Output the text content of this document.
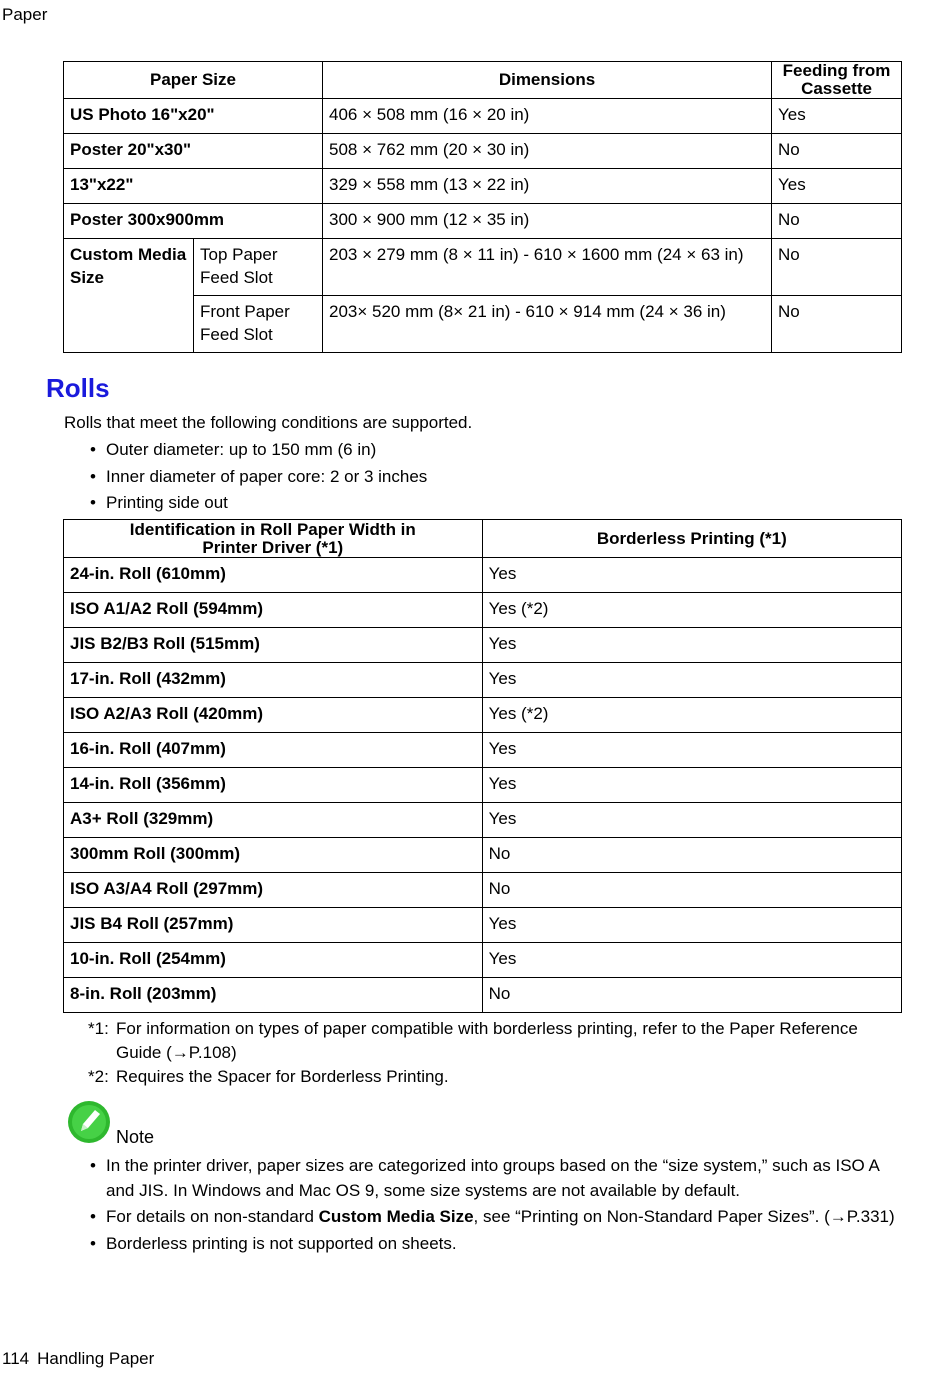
Paper
Paper Size		Dimensions	Feeding from Cassette
US Photo 16"x20"		406 × 508 mm (16 × 20 in)	Yes
Poster 20"x30"		508 × 762 mm (20 × 30 in)	No
13"x22"		329 × 558 mm (13 × 22 in)	Yes
Poster 300x900mm		300 × 900 mm (12 × 35 in)	No
Custom Media Size	Top Paper Feed Slot	203 × 279 mm (8 × 11 in) - 610 × 1600 mm (24 × 63 in)	No
	Front Paper Feed Slot	203× 520 mm (8× 21 in) - 610 × 914 mm (24 × 36 in)	No
Rolls
Rolls that meet the following conditions are supported.
• Outer diameter: up to 150 mm (6 in)
• Inner diameter of paper core: 2 or 3 inches
• Printing side out
Identification in Roll Paper Width in Printer Driver (*1)	Borderless Printing (*1)
24-in. Roll (610mm)	Yes
ISO A1/A2 Roll (594mm)	Yes (*2)
JIS B2/B3 Roll (515mm)	Yes
17-in. Roll (432mm)	Yes
ISO A2/A3 Roll (420mm)	Yes (*2)
16-in. Roll (407mm)	Yes
14-in. Roll (356mm)	Yes
A3+ Roll (329mm)	Yes
300mm Roll (300mm)	No
ISO A3/A4 Roll (297mm)	No
JIS B4 Roll (257mm)	Yes
10-in. Roll (254mm)	Yes
8-in. Roll (203mm)	No
*1: For information on types of paper compatible with borderless printing, refer to the Paper Reference Guide (→P.108)
*2: Requires the Spacer for Borderless Printing.
Note
• In the printer driver, paper sizes are categorized into groups based on the “size system,” such as ISO A and JIS. In Windows and Mac OS 9, some size systems are not available by default.
• For details on non-standard Custom Media Size, see “Printing on Non-Standard Paper Sizes”. (→P.331)
• Borderless printing is not supported on sheets.
114 Handling Paper
